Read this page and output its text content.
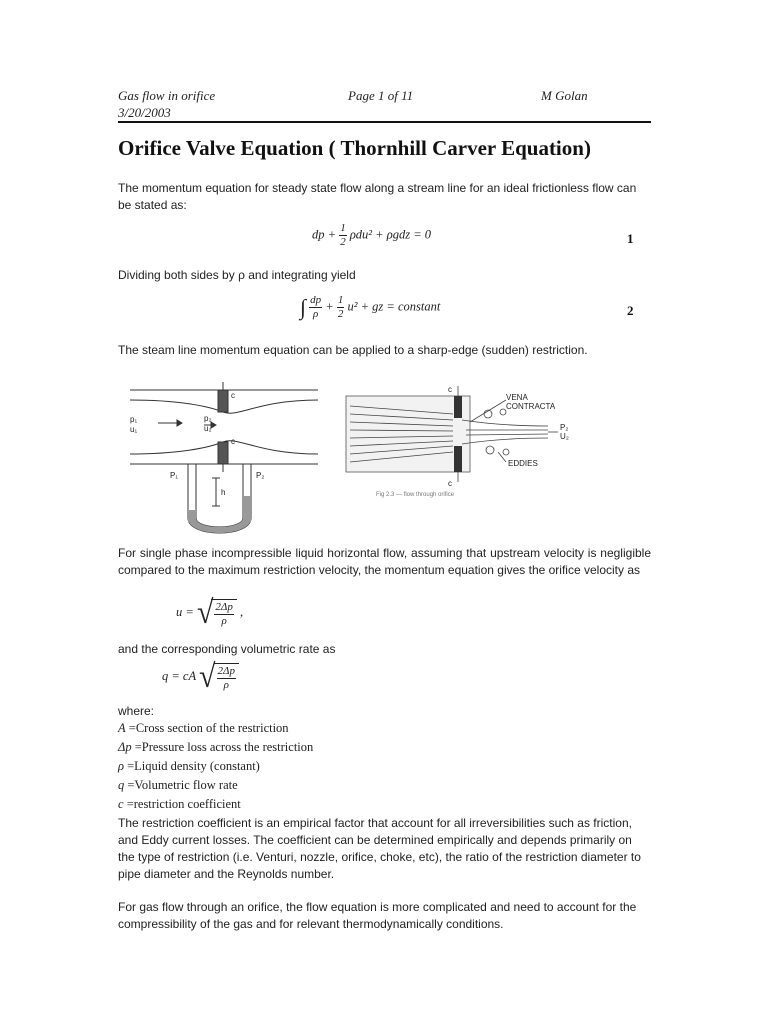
Gas flow in orifice
3/20/2003
Page 1 of 11	M Golan
Orifice Valve Equation ( Thornhill Carver Equation)

The momentum equation for steady state flow along a stream line for an ideal frictionless flow can be stated as:

dp + $\frac{1}{2} \rho du^2 + \rho gdz = 0$	1

Dividing both sides by ρ and integrating yield

∫ $\frac{dp}{\rho} + \frac{1}{2} u^2$ + gz = constant	2

The steam line momentum equation can be applied to a sharp-edge (sudden) restriction.

p₁
u₁
p₂
u₂
c
c
P₁	P₂
h
VENA
CONTRACTA
P₂
U₂
EDDIES
c
c
Fig 2.3 — flow through orifice

For single phase incompressible liquid horizontal flow, assuming that upstream velocity is negligible compared to the maximum restriction velocity, the momentum equation gives the orifice velocity as

u = √ $\frac{2\Delta p}{\rho}$ ,

and the corresponding volumetric rate as

q = cA √ $\frac{2\Delta p}{\rho}$

where:

A =Cross section of the restriction
Δp =Pressure loss across the restriction
ρ =Liquid density (constant)
q =Volumetric flow rate
c =restriction coefficient

The restriction coefficient is an empirical factor that account for all irreversibilities such as friction, and Eddy current losses. The coefficient can be determined empirically and depends primarily on the type of restriction (i.e. Venturi, nozzle, orifice, choke, etc), the ratio of the restriction diameter to pipe diameter and the Reynolds number.

For gas flow through an orifice, the flow equation is more complicated and need to account for the compressibility of the gas and for relevant thermodynamically conditions.
